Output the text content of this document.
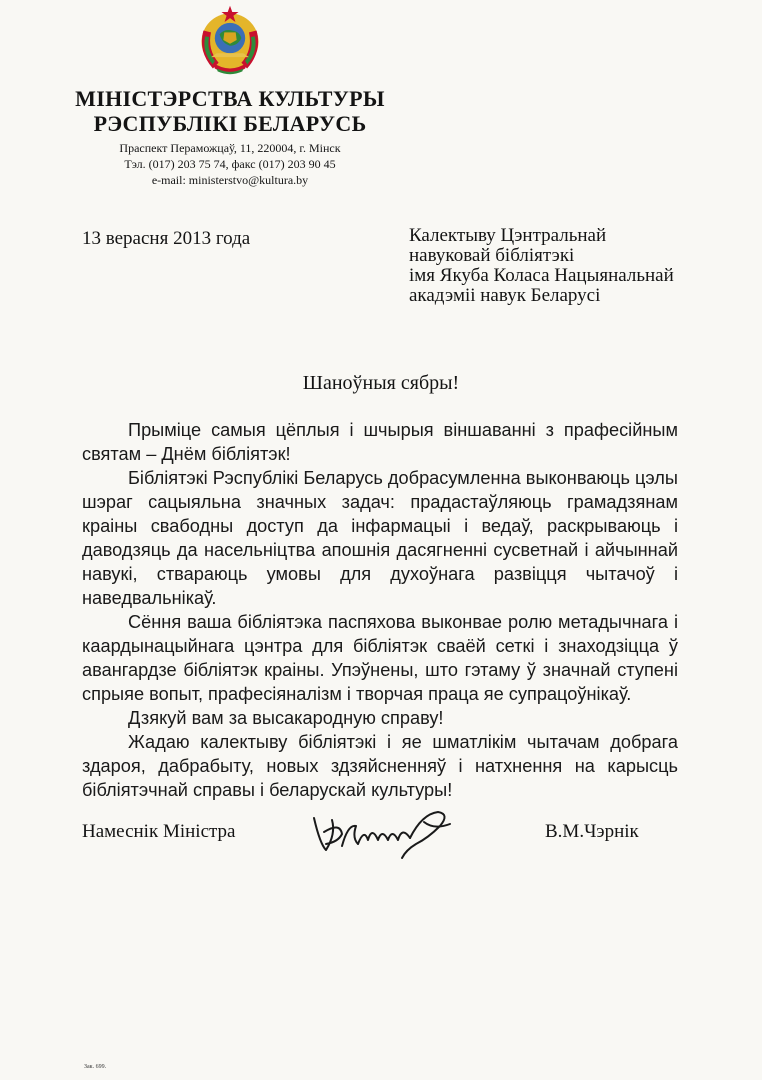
МІНІСТЭРСТВА КУЛЬТУРЫ
РЭСПУБЛІКІ БЕЛАРУСЬ
Праспект Пераможцаў, 11, 220004, г. Мінск
Тэл. (017) 203 75 74, факс (017) 203 90 45
e-mail: ministerstvo@kultura.by
13 верасня 2013 года	Калектыву Цэнтральнай
навуковай бібліятэкі
імя Якуба Коласа Нацыянальнай
акадэміі навук Беларусі
Шаноўныя сябры!

Прыміце самыя цёплыя і шчырыя віншаванні з прафесійным святам – Днём бібліятэк!

Бібліятэкі Рэспублікі Беларусь добрасумленна выконваюць цэлы шэраг сацыяльна значных задач: прадастаўляюць грамадзянам краіны свабодны доступ да інфармацыі і ведаў, раскрываюць і даводзяць да насельніцтва апошнія дасягненні сусветнай і айчыннай навукі, ствараюць умовы для духоўнага развіцця чытачоў і наведвальнікаў.

Сёння ваша бібліятэка паспяхова выконвае ролю метадычнага і каардынацыйнага цэнтра для бібліятэк сваёй сеткі і знаходзіцца ў авангардзе бібліятэк краіны. Упэўнены, што гэтаму ў значнай ступені спрыяе вопыт, прафесіяналізм і творчая праца яе супрацоўнікаў.

Дзякуй вам за высакародную справу!

Жадаю калектыву бібліятэкі і яе шматлікім чытачам добрага здароя, дабрабыту, новых здзяйсненняў і натхнення на карысць бібліятэчнай справы і беларускай культуры!

Намеснік Міністра	В.М.Чэрнік
Зак. 699.
